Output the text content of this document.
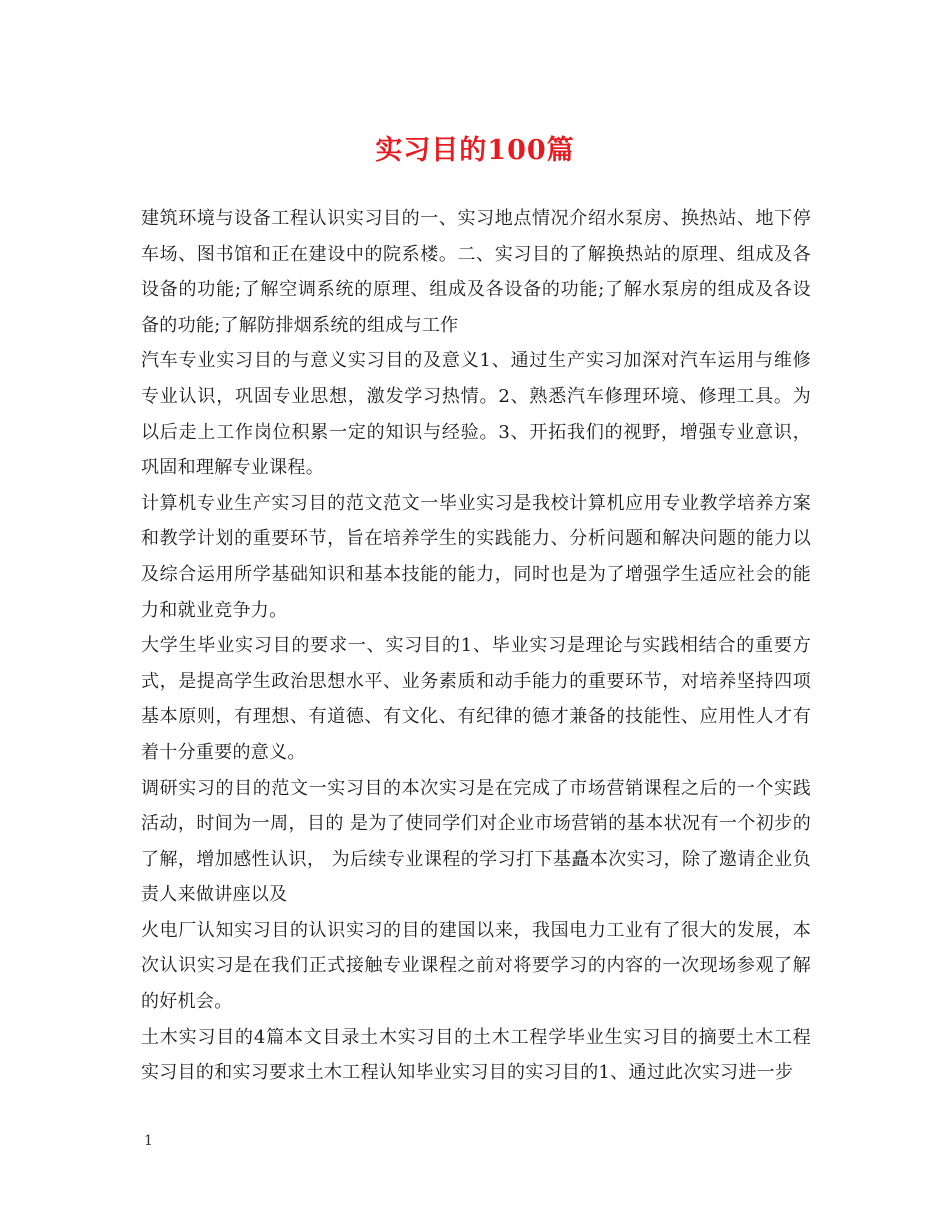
实习目的100篇

建筑环境与设备工程认识实习目的一、实习地点情况介绍水泵房、换热站、地下停车场、图书馆和正在建设中的院系楼。二、实习目的了解换热站的原理、组成及各设备的功能;了解空调系统的原理、组成及各设备的功能;了解水泵房的组成及各设备的功能;了解防排烟系统的组成与工作

汽车专业实习目的与意义实习目的及意义1、通过生产实习加深对汽车运用与维修专业认识，巩固专业思想，激发学习热情。2、熟悉汽车修理环境、修理工具。为以后走上工作岗位积累一定的知识与经验。3、开拓我们的视野，增强专业意识，巩固和理解专业课程。

计算机专业生产实习目的范文范文一毕业实习是我校计算机应用专业教学培养方案和教学计划的重要环节，旨在培养学生的实践能力、分析问题和解决问题的能力以及综合运用所学基础知识和基本技能的能力，同时也是为了增强学生适应社会的能力和就业竞争力。

大学生毕业实习目的要求一、实习目的1、毕业实习是理论与实践相结合的重要方式，是提高学生政治思想水平、业务素质和动手能力的重要环节，对培养坚持四项基本原则，有理想、有道德、有文化、有纪律的德才兼备的技能性、应用性人才有着十分重要的意义。

调研实习的目的范文一实习目的本次实习是在完成了市场营销课程之后的一个实践活动，时间为一周，目的 是为了使同学们对企业市场营销的基本状况有一个初步的了解，增加感性认识， 为后续专业课程的学习打下基矗本次实习，除了邀请企业负责人来做讲座以及

火电厂认知实习目的认识实习的目的建国以来，我国电力工业有了很大的发展，本次认识实习是在我们正式接触专业课程之前对将要学习的内容的一次现场参观了解的好机会。

土木实习目的4篇本文目录土木实习目的土木工程学毕业生实习目的摘要土木工程实习目的和实习要求土木工程认知毕业实习目的实习目的1、通过此次实习进一步

1
